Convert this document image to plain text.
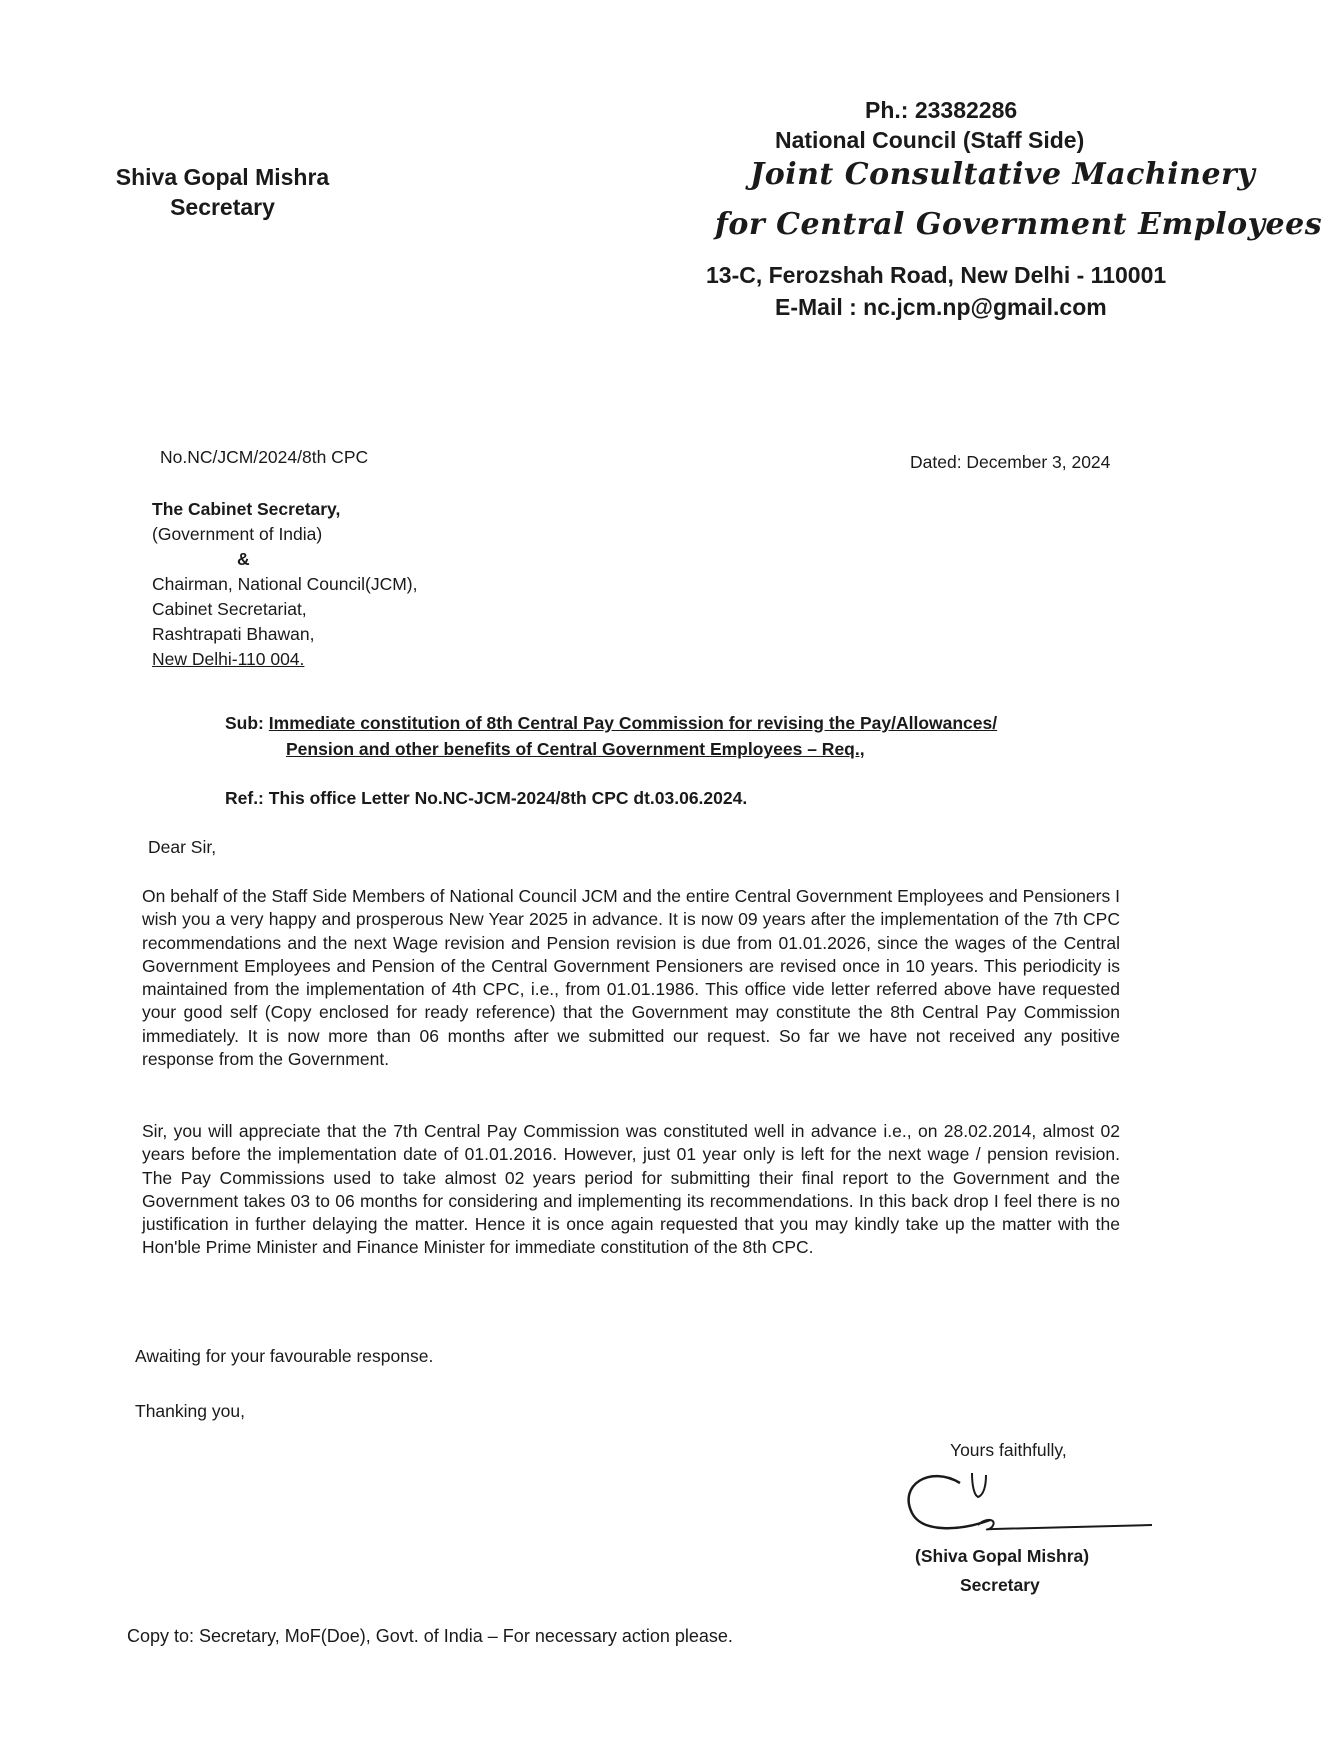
Shiva Gopal Mishra
Secretary
Ph.: 23382286
National Council (Staff Side)
Joint Consultative Machinery
for Central Government Employees
13-C, Ferozshah Road, New Delhi - 110001
E-Mail : nc.jcm.np@gmail.com
No.NC/JCM/2024/8th CPC	Dated: December 3, 2024
The Cabinet Secretary,
(Government of India)
&
Chairman, National Council(JCM),
Cabinet Secretariat,
Rashtrapati Bhawan,
New Delhi-110 004.
Sub: Immediate constitution of 8th Central Pay Commission for revising the Pay/Allowances/
Pension and other benefits of Central Government Employees – Req.,
Ref.: This office Letter No.NC-JCM-2024/8th CPC dt.03.06.2024.
Dear Sir,
On behalf of the Staff Side Members of National Council JCM and the entire Central Government Employees and Pensioners I wish you a very happy and prosperous New Year 2025 in advance. It is now 09 years after the implementation of the 7th CPC recommendations and the next Wage revision and Pension revision is due from 01.01.2026, since the wages of the Central Government Employees and Pension of the Central Government Pensioners are revised once in 10 years. This periodicity is maintained from the implementation of 4th CPC, i.e., from 01.01.1986. This office vide letter referred above have requested your good self (Copy enclosed for ready reference) that the Government may constitute the 8th Central Pay Commission immediately. It is now more than 06 months after we submitted our request. So far we have not received any positive response from the Government.
Sir, you will appreciate that the 7th Central Pay Commission was constituted well in advance i.e., on 28.02.2014, almost 02 years before the implementation date of 01.01.2016. However, just 01 year only is left for the next wage / pension revision. The Pay Commissions used to take almost 02 years period for submitting their final report to the Government and the Government takes 03 to 06 months for considering and implementing its recommendations. In this back drop I feel there is no justification in further delaying the matter. Hence it is once again requested that you may kindly take up the matter with the Hon'ble Prime Minister and Finance Minister for immediate constitution of the 8th CPC.
Awaiting for your favourable response.
Thanking you,
Yours faithfully,
(Shiva Gopal Mishra)
Secretary
Copy to: Secretary, MoF(Doe), Govt. of India – For necessary action please.
